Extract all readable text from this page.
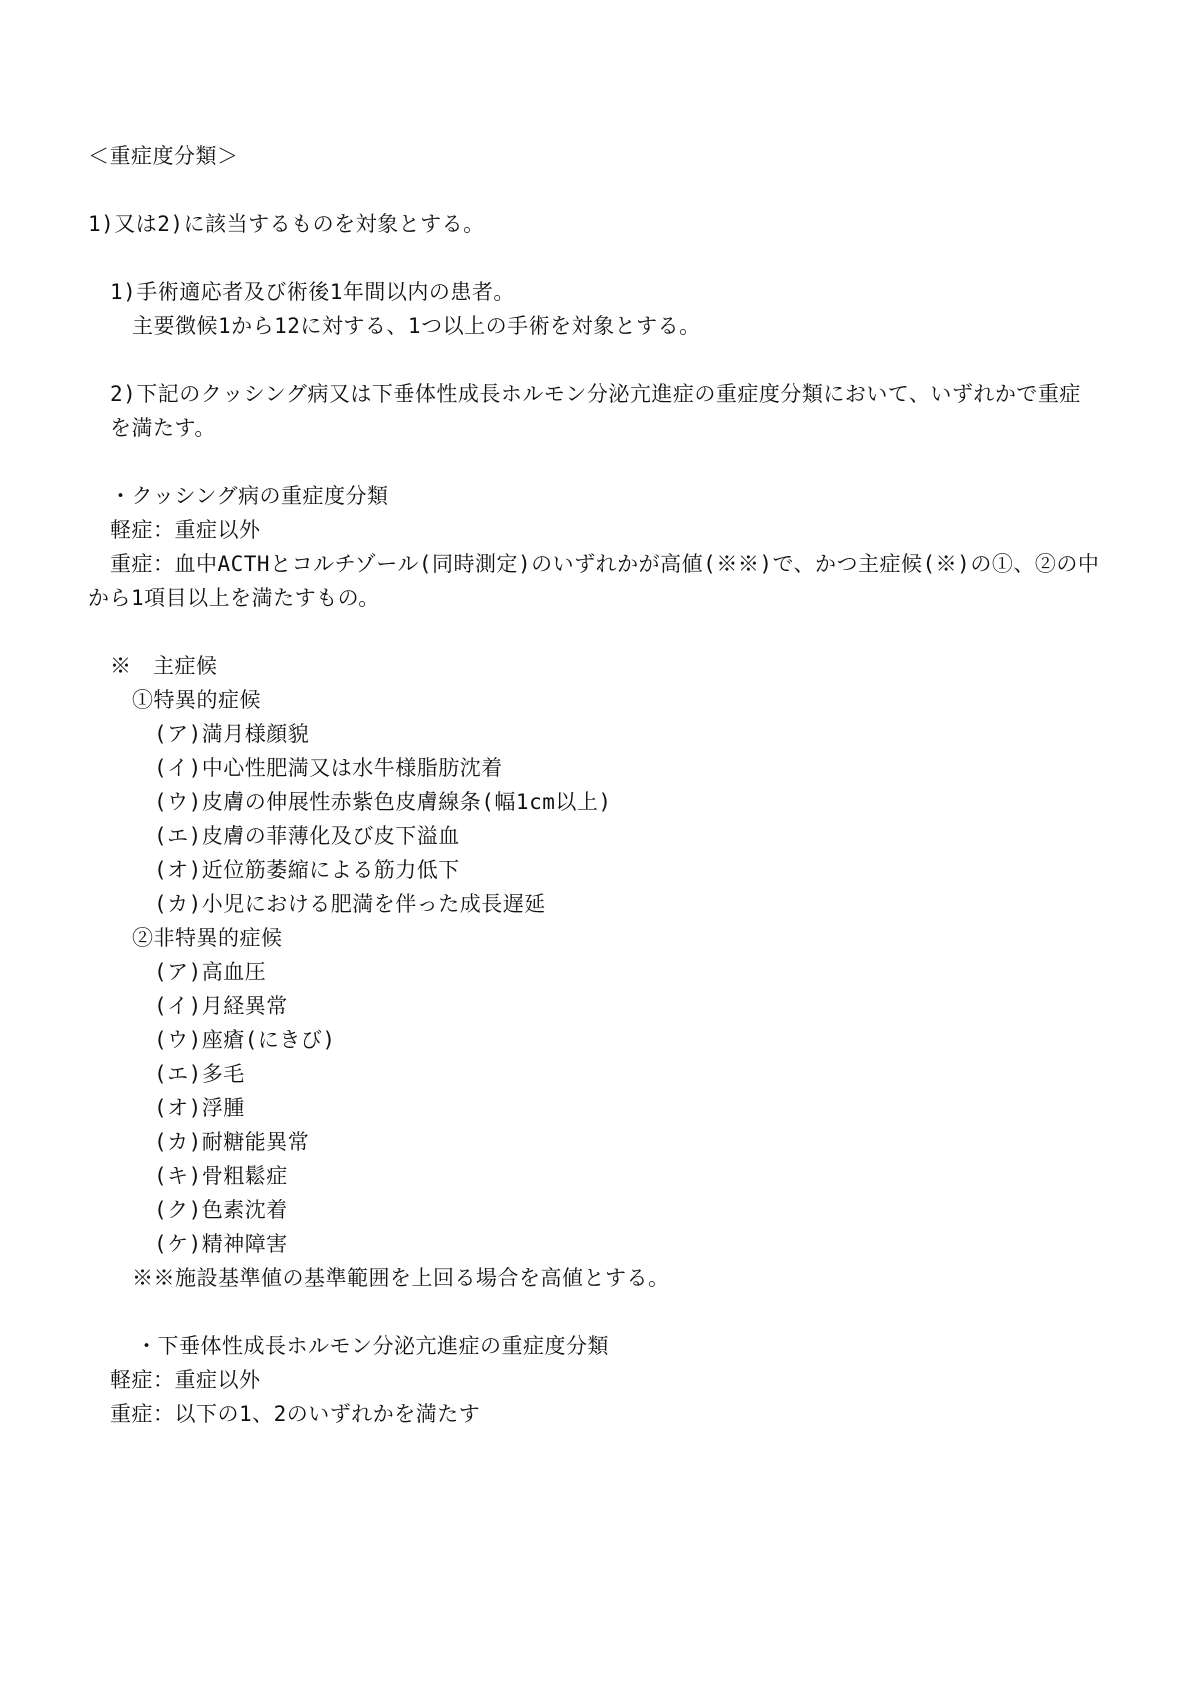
＜重症度分類＞
1)又は2)に該当するものを対象とする。
1)手術適応者及び術後1年間以内の患者。
主要徴候1から12に対する、1つ以上の手術を対象とする。
2)下記のクッシング病又は下垂体性成長ホルモン分泌亢進症の重症度分類において、いずれかで重症
を満たす。
・クッシング病の重症度分類
軽症：重症以外
重症：血中ACTHとコルチゾール(同時測定)のいずれかが高値(※※)で、かつ主症候(※)の①、②の中
から1項目以上を満たすもの。
※　主症候
①特異的症候
(ア)満月様顔貌
(イ)中心性肥満又は水牛様脂肪沈着
(ウ)皮膚の伸展性赤紫色皮膚線条(幅1cm以上)
(エ)皮膚の菲薄化及び皮下溢血
(オ)近位筋萎縮による筋力低下
(カ)小児における肥満を伴った成長遅延
②非特異的症候
(ア)高血圧
(イ)月経異常
(ウ)座瘡(にきび)
(エ)多毛
(オ)浮腫
(カ)耐糖能異常
(キ)骨粗鬆症
(ク)色素沈着
(ケ)精神障害
※※施設基準値の基準範囲を上回る場合を高値とする。
・下垂体性成長ホルモン分泌亢進症の重症度分類
軽症：重症以外
重症：以下の1、2のいずれかを満たす
